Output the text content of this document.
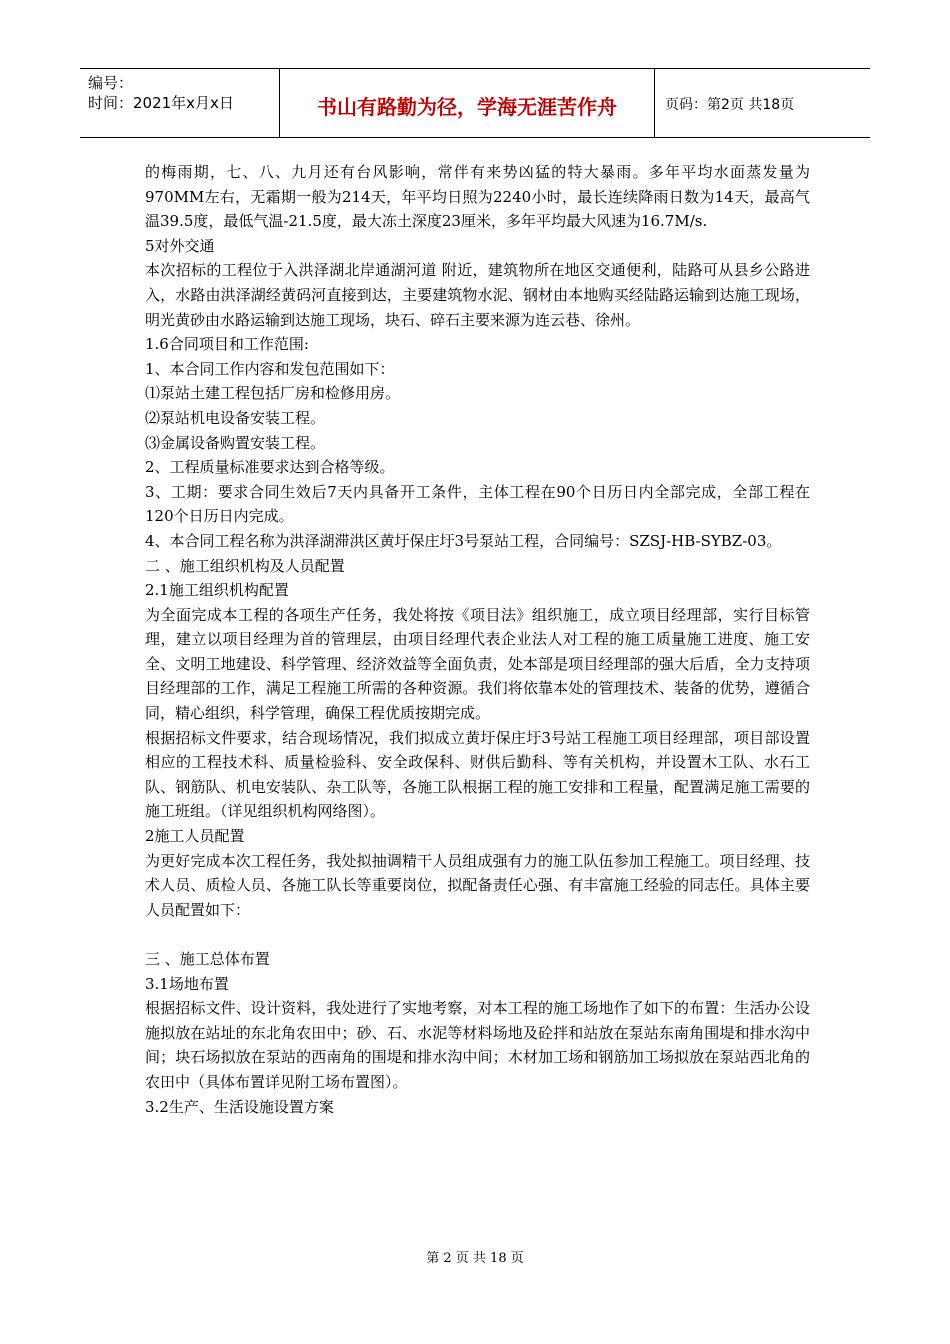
编号：
时间：2021年x月x日	书山有路勤为径，学海无涯苦作舟	页码：第2页 共18页

的梅雨期，七、八、九月还有台风影响，常伴有来势凶猛的特大暴雨。多年平均水面蒸发量为970MM左右，无霜期一般为214天，年平均日照为2240小时，最长连续降雨日数为14天，最高气温39.5度，最低气温-21.5度，最大冻土深度23厘米，多年平均最大风速为16.7M/s.

5对外交通

本次招标的工程位于入洪泽湖北岸通湖河道 附近，建筑物所在地区交通便利，陆路可从县乡公路进入，水路由洪泽湖经黄码河直接到达，主要建筑物水泥、钢材由本地购买经陆路运输到达施工现场，明光黄砂由水路运输到达施工现场，块石、碎石主要来源为连云巷、徐州。

1.6合同项目和工作范围:

1、本合同工作内容和发包范围如下：

⑴泵站土建工程包括厂房和检修用房。

⑵泵站机电设备安装工程。

⑶金属设备购置安装工程。

2、工程质量标准要求达到合格等级。

3、工期：要求合同生效后7天内具备开工条件，主体工程在90个日历日内全部完成，全部工程在120个日历日内完成。

4、本合同工程名称为洪泽湖滞洪区黄圩保庄圩3号泵站工程，合同编号：SZSJ-HB-SYBZ-03。

二 、施工组织机构及人员配置

2.1施工组织机构配置

为全面完成本工程的各项生产任务，我处将按《项目法》组织施工，成立项目经理部，实行目标管理，建立以项目经理为首的管理层，由项目经理代表企业法人对工程的施工质量施工进度、施工安全、文明工地建设、科学管理、经济效益等全面负责，处本部是项目经理部的强大后盾，全力支持项目经理部的工作，满足工程施工所需的各种资源。我们将依靠本处的管理技术、装备的优势，遵循合同，精心组织，科学管理，确保工程优质按期完成。

根据招标文件要求，结合现场情况，我们拟成立黄圩保庄圩3号站工程施工项目经理部，项目部设置相应的工程技术科、质量检验科、安全政保科、财供后勤科、等有关机构，并设置木工队、水石工队、钢筋队、机电安装队、杂工队等，各施工队根据工程的施工安排和工程量，配置满足施工需要的施工班组。（详见组织机构网络图）。

2施工人员配置

为更好完成本次工程任务，我处拟抽调精干人员组成强有力的施工队伍参加工程施工。项目经理、技术人员、质检人员、各施工队长等重要岗位，拟配备责任心强、有丰富施工经验的同志任。具体主要人员配置如下：

三 、施工总体布置

3.1场地布置

根据招标文件、设计资料，我处进行了实地考察，对本工程的施工场地作了如下的布置：生活办公设施拟放在站址的东北角农田中；砂、石、水泥等材料场地及砼拌和站放在泵站东南角围堤和排水沟中间；块石场拟放在泵站的西南角的围堤和排水沟中间；木材加工场和钢筋加工场拟放在泵站西北角的农田中（具体布置详见附工场布置图）。

3.2生产、生活设施设置方案

第 2 页 共 18 页
